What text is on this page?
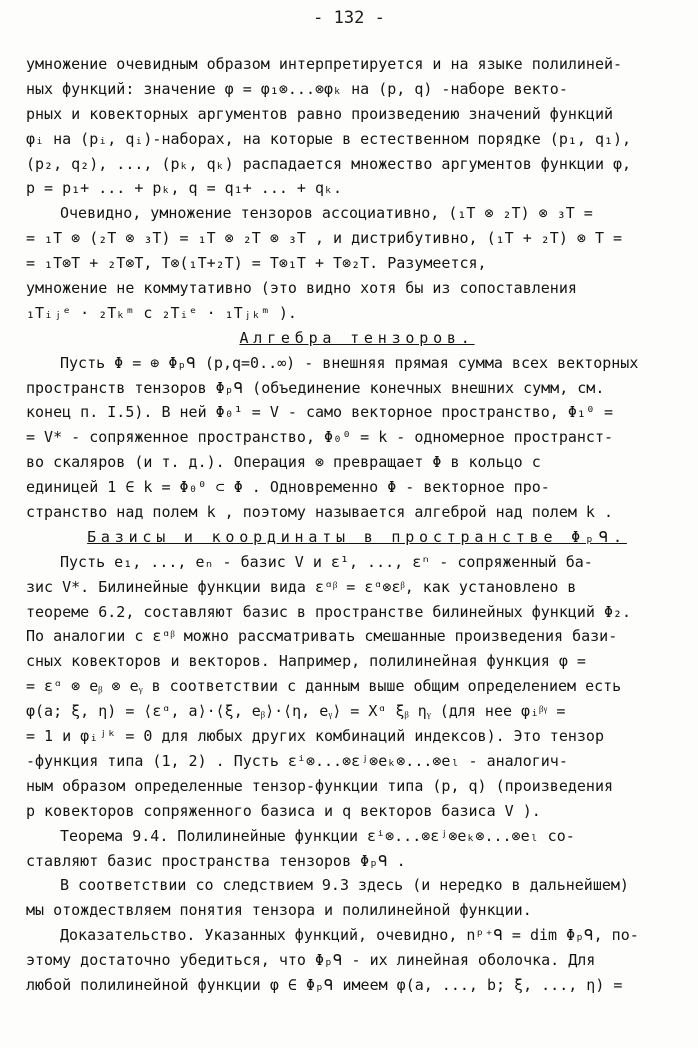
- 132 -
умножение очевидным образом интерпретируется и на языке полилиней-
ных функций: значение φ = φ₁⊗...⊗φₖ на (p, q) -наборе векто-
рных и ковекторных аргументов равно произведению значений функций
φᵢ на (pᵢ, qᵢ)-наборах, на которые в естественном порядке (p₁, q₁),
(p₂, q₂), ..., (pₖ, qₖ) распадается множество аргументов функции φ,
p = p₁+ ... + pₖ, q = q₁+ ... + qₖ.
Очевидно, умножение тензоров ассоциативно, (₁T ⊗ ₂T) ⊗ ₃T =
= ₁T ⊗ (₂T ⊗ ₃T) = ₁T ⊗ ₂T ⊗ ₃T , и дистрибутивно, (₁T + ₂T) ⊗ T =
= ₁T⊗T + ₂T⊗T, T⊗(₁T+₂T) = T⊗₁T + T⊗₂T. Разумеется,
умножение не коммутативно (это видно хотя бы из сопоставления
₁Tᵢⱼᵉ · ₂Tₖᵐ с ₂Tᵢᵉ · ₁Tⱼₖᵐ ).
Алгебра тензоров.
Пусть Φ = ⊕ Φₚᑫ (p,q=0..∞) - внешняя прямая сумма всех векторных
пространств тензоров Φₚᑫ (объединение конечных внешних сумм, см.
конец п. I.5). В ней Φ₀¹ = V - само векторное пространство, Φ₁⁰ =
= V* - сопряженное пространство, Φ₀⁰ = k - одномерное пространст-
во скаляров (и т. д.). Операция ⊗ превращает Φ в кольцо с
единицей 1 ∈ k = Φ₀⁰ ⊂ Φ . Одновременно Φ - векторное про-
странство над полем k , поэтому называется алгеброй над полем k .
Базисы и координаты в пространстве Φₚᑫ.
Пусть e₁, ..., eₙ - базис V и ε¹, ..., εⁿ - сопряженный ба-
зис V*. Билинейные функции вида εᵅᵝ = εᵅ⊗εᵝ, как установлено в
теореме 6.2, составляют базис в пространстве билинейных функций Φ₂.
По аналогии с εᵅᵝ можно рассматривать смешанные произведения бази-
сных ковекторов и векторов. Например, полилинейная функция φ =
= εᵅ ⊗ eᵦ ⊗ eᵧ в соответствии с данным выше общим определением есть
φ(a; ξ, η) = ⟨εᵅ, a⟩·⟨ξ, eᵦ⟩·⟨η, eᵧ⟩ = Xᵅ ξᵦ ηᵧ (для нее φᵢᵝᵞ =
= 1 и φᵢʲᵏ = 0 для любых других комбинаций индексов). Это тензор
-функция типа (1, 2) . Пусть εⁱ⊗...⊗εʲ⊗eₖ⊗...⊗eₗ - аналогич-
ным образом определенные тензор-функции типа (p, q) (произведения
p ковекторов сопряженного базиса и q векторов базиса V ).
Теорема 9.4. Полилинейные функции εⁱ⊗...⊗εʲ⊗eₖ⊗...⊗eₗ со-
ставляют базис пространства тензоров Φₚᑫ .
В соответствии со следствием 9.3 здесь (и нередко в дальнейшем)
мы отождествляем понятия тензора и полилинейной функции.
Доказательство. Указанных функций, очевидно, nᵖ⁺ᑫ = dim Φₚᑫ, по-
этому достаточно убедиться, что Φₚᑫ - их линейная оболочка. Для
любой полилинейной функции φ ∈ Φₚᑫ имеем φ(a, ..., b; ξ, ..., η) =
